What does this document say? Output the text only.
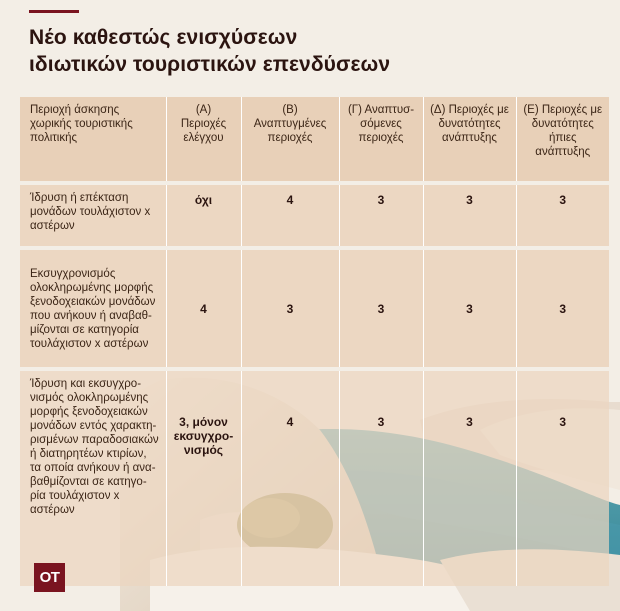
Νέο καθεστώς ενισχύσεων
ιδιωτικών τουριστικών επενδύσεων
Περιοχή άσκησης χωρικής τουριστικής πολιτικής	(Α) Περιοχές ελέγχου	(Β) Αναπτυγμένες περιοχές	(Γ) Αναπτυσ-σόμενες περιοχές	(Δ) Περιοχές με δυνατότητες ανάπτυξης	(Ε) Περιοχές με δυνατότητες ήπιες ανάπτυξης

Ίδρυση ή επέκταση μονάδων τουλάχιστον x αστέρων	όχι	4	3	3	3

Εκσυγχρονισμός ολοκληρωμένης μορφής ξενοδοχειακών μονάδων που ανήκουν ή αναβαθ-μίζονται σε κατηγορία τουλάχιστον x αστέρων	4	3	3	3	3

Ίδρυση και εκσυγχρο-νισμός ολοκληρωμένης μορφής ξενοδοχειακών μονάδων εντός χαρακτη-ρισμένων παραδοσιακών ή διατηρητέων κτιρίων, τα οποία ανήκουν ή ανα-βαθμίζονται σε κατηγο-ρία τουλάχιστον x αστέρων	3, μόνον εκσυγχρο-νισμός	4	3	3	3
ΟΤ
